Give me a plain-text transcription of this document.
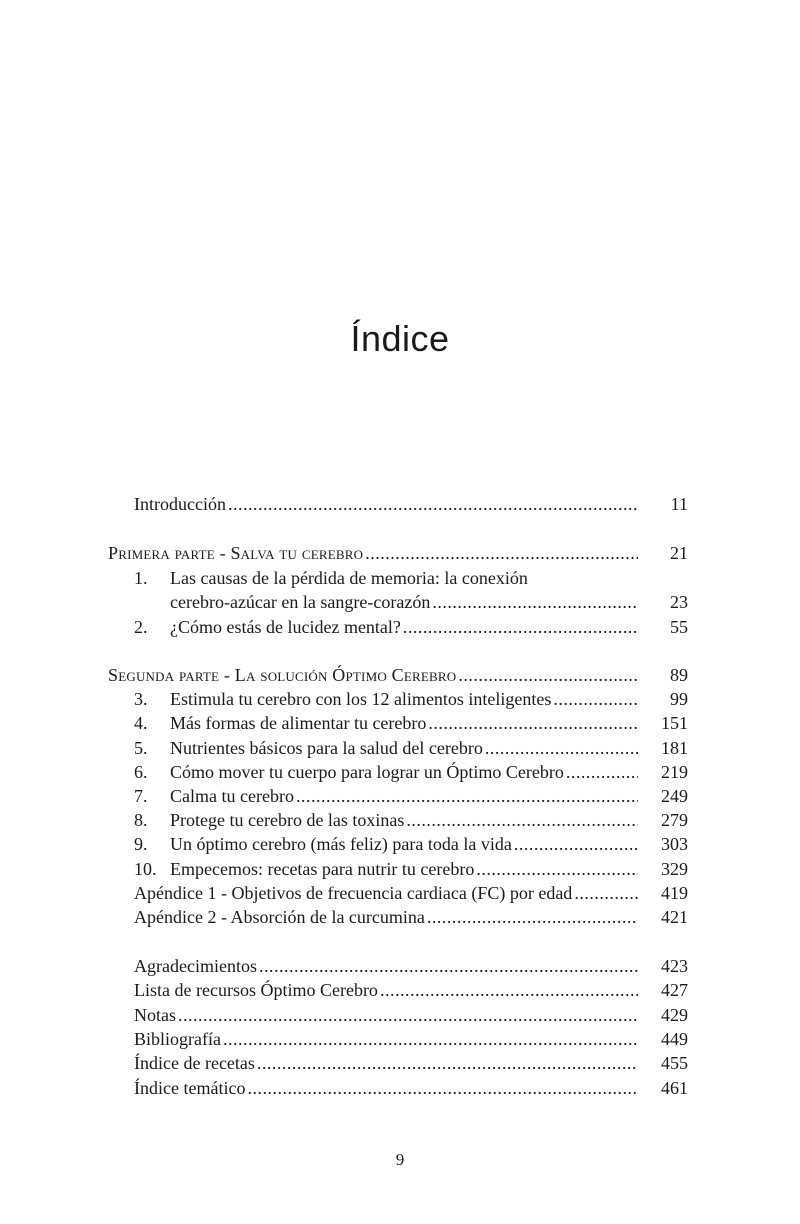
Índice
Introducción .....	11
Primera parte - Salva tu cerebro .....	21
1.	Las causas de la pérdida de memoria: la conexión
cerebro-azúcar en la sangre-corazón .....	23
2.	¿Cómo estás de lucidez mental? .....	55
Segunda parte - La solución Óptimo Cerebro .....	89
3.	Estimula tu cerebro con los 12 alimentos inteligentes .....	99
4.	Más formas de alimentar tu cerebro .....	151
5.	Nutrientes básicos para la salud del cerebro .....	181
6.	Cómo mover tu cuerpo para lograr un Óptimo Cerebro .....	219
7.	Calma tu cerebro .....	249
8.	Protege tu cerebro de las toxinas .....	279
9.	Un óptimo cerebro (más feliz) para toda la vida .....	303
10. Empecemos: recetas para nutrir tu cerebro .....	329
Apéndice 1 - Objetivos de frecuencia cardiaca (FC) por edad .....	419
Apéndice 2 - Absorción de la curcumina .....	421
Agradecimientos .....	423
Lista de recursos Óptimo Cerebro .....	427
Notas .....	429
Bibliografía .....	449
Índice de recetas .....	455
Índice temático .....	461
9
